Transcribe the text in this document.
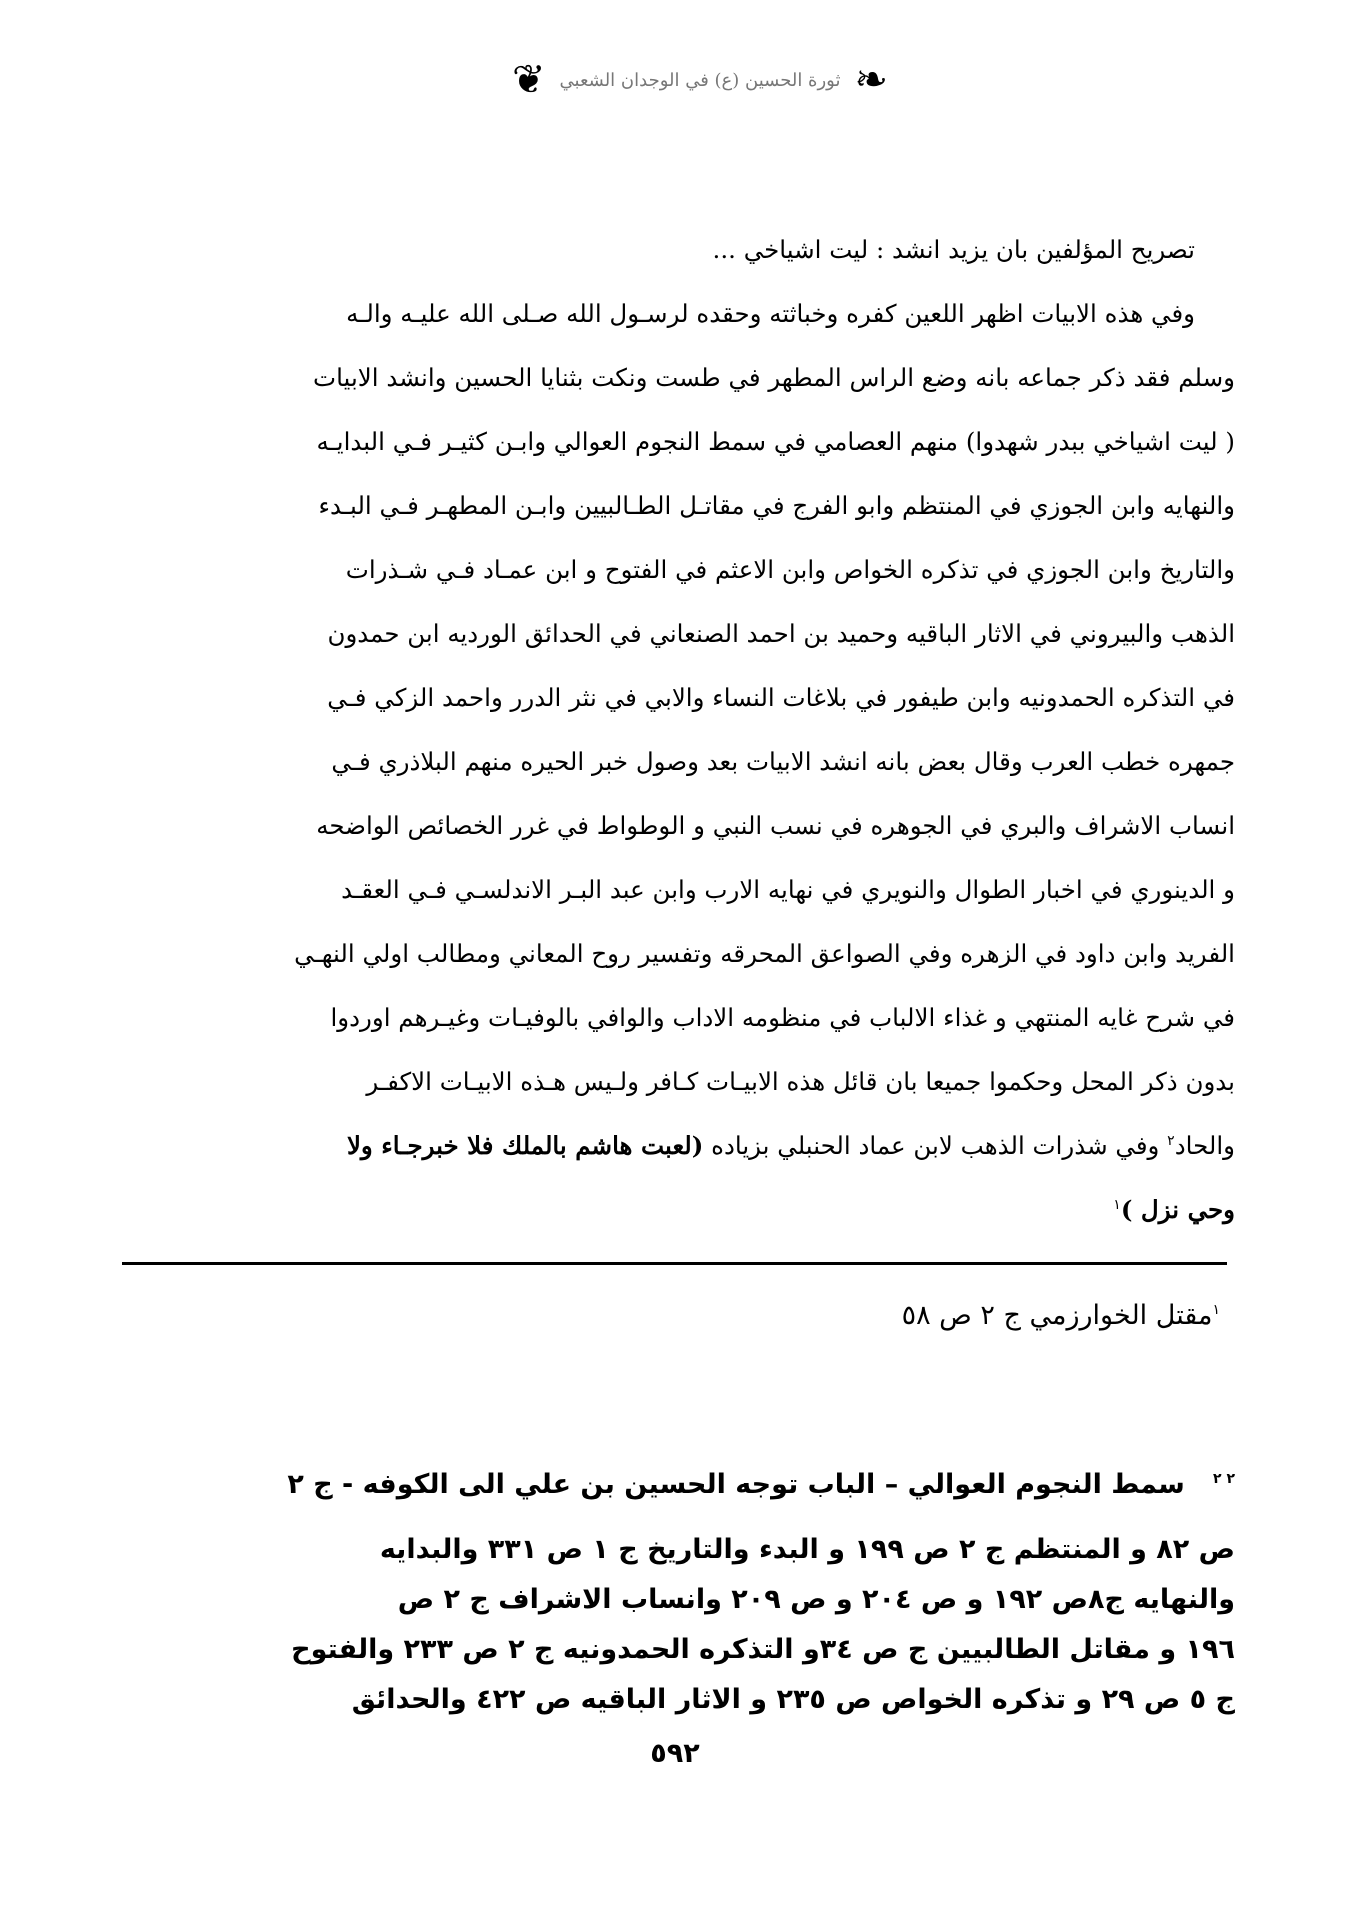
❦ ثورة الحسين (ع) في الوجدان الشعبي ❧
تصريح المؤلفين بان يزيد انشد : ليت اشياخي ...
وفي هذه الابيات اظهر اللعين كفره وخباثته وحقده لرسـول الله صـلى الله عليـه والـه
وسلم فقد ذكر جماعه بانه وضع الراس المطهر في طست ونكت بثنايا الحسين وانشد الابيات
( ليت اشياخي ببدر شهدوا) منهم العصامي في سمط النجوم العوالي وابـن كثيـر فـي البدايـه
والنهايه وابن الجوزي في المنتظم وابو الفرج في مقاتـل الطـالبيين وابـن المطهـر فـي البـدء
والتاريخ وابن الجوزي في تذكره الخواص وابن الاعثم في الفتوح و ابن عمـاد فـي شـذرات
الذهب والبيروني في الاثار الباقيه وحميد بن احمد الصنعاني في الحدائق الورديه ابن حمدون
في التذكره الحمدونيه وابن طيفور في بلاغات النساء والابي في نثر الدرر واحمد الزكي فـي
جمهره خطب العرب وقال بعض بانه انشد الابيات بعد وصول خبر الحيره منهم البلاذري فـي
انساب الاشراف والبري في الجوهره في نسب النبي و الوطواط في غرر الخصائص الواضحه
و الدينوري في اخبار الطوال والنويري في نهايه الارب وابن عبد البـر الاندلسـي فـي العقـد
الفريد وابن داود في الزهره وفي الصواعق المحرقه وتفسير روح المعاني ومطالب اولي النهـي
في شرح غايه المنتهي و غذاء الالباب في منظومه الاداب والوافي بالوفيـات وغيـرهم اوردوا
بدون ذكر المحل وحكموا جميعا بان قائل هذه الابيـات كـافر ولـيس هـذه الابيـات الاكفـر
والحاد$^٢$ وفي شذرات الذهب لابن عماد الحنبلي بزياده (لعبت هاشم بالملك فلا خبرجـاء ولا
وحي نزل )$^١$
$^١$مقتل الخوارزمي ج ٢ ص ٥٨
$^{٢ ٢}$   سمط النجوم العوالي – الباب توجه الحسين بن علي الى الكوفه - ج ٢
ص ٨٢ و المنتظم ج ٢ ص ١٩٩ و البدء والتاريخ ج ١ ص ٣٣١ والبدايه
والنهايه ج٨ص ١٩٢ و ص ٢٠٤ و ص ٢٠٩ وانساب الاشراف ج ٢ ص
١٩٦ و مقاتل الطالبيين ج ص ٣٤و التذكره الحمدونيه ج ٢ ص ٢٣٣ والفتوح
ج ٥ ص ٢٩ و تذكره الخواص ص ٢٣٥ و الاثار الباقيه ص ٤٢٢ والحدائق
٥٩٢
